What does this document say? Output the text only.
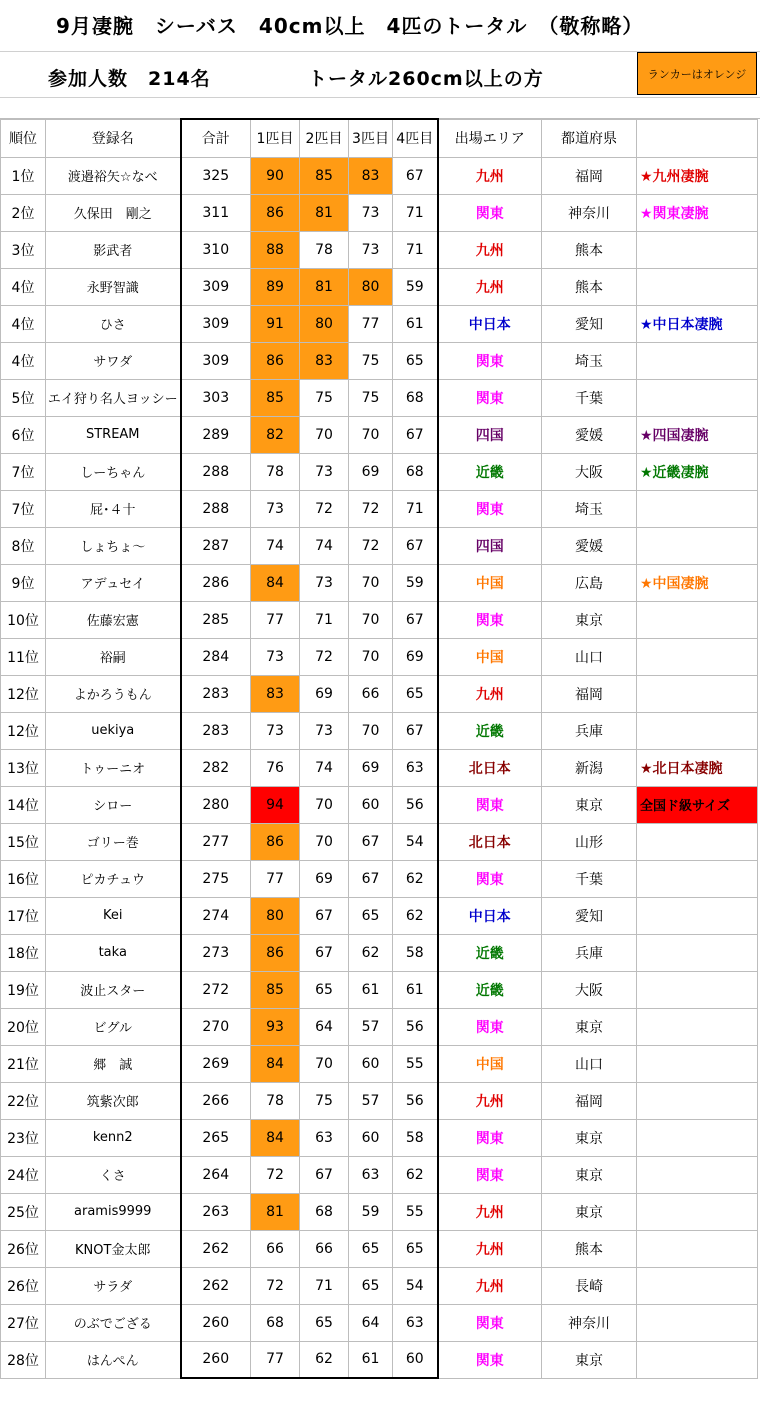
9月凄腕　シーバス　40cm以上　4匹のトータル　（敬称略）
参加人数　214名	トータル260cm以上の方	ランカーはオレンジ
順位	登録名	合計	1匹目	2匹目	3匹目	4匹目	出場エリア	都道府県	
1位	渡邉裕矢☆なべ	325	90	85	83	67	九州	福岡	★九州凄腕
2位	久保田　剛之	311	86	81	73	71	関東	神奈川	★関東凄腕
3位	影武者	310	88	78	73	71	九州	熊本	
4位	永野智識	309	89	81	80	59	九州	熊本	
4位	ひさ	309	91	80	77	61	中日本	愛知	★中日本凄腕
4位	サワダ	309	86	83	75	65	関東	埼玉	
5位	エイ狩り名人ヨッシー	303	85	75	75	68	関東	千葉	
6位	STREAM	289	82	70	70	67	四国	愛媛	★四国凄腕
7位	しーちゃん	288	78	73	69	68	近畿	大阪	★近畿凄腕
7位	屁･４十	288	73	72	72	71	関東	埼玉	
8位	しょちょ～	287	74	74	72	67	四国	愛媛	
9位	アデュセイ	286	84	73	70	59	中国	広島	★中国凄腕
10位	佐藤宏憲	285	77	71	70	67	関東	東京	
11位	裕嗣	284	73	72	70	69	中国	山口	
12位	よかろうもん	283	83	69	66	65	九州	福岡	
12位	uekiya	283	73	73	70	67	近畿	兵庫	
13位	トゥーニオ	282	76	74	69	63	北日本	新潟	★北日本凄腕
14位	シロー	280	94	70	60	56	関東	東京	全国ド級サイズ
15位	ゴリー巻	277	86	70	67	54	北日本	山形	
16位	ピカチュウ	275	77	69	67	62	関東	千葉	
17位	Kei	274	80	67	65	62	中日本	愛知	
18位	taka	273	86	67	62	58	近畿	兵庫	
19位	波止スター	272	85	65	61	61	近畿	大阪	
20位	ビグル	270	93	64	57	56	関東	東京	
21位	郷　誠	269	84	70	60	55	中国	山口	
22位	筑紫次郎	266	78	75	57	56	九州	福岡	
23位	kenn2	265	84	63	60	58	関東	東京	
24位	くさ	264	72	67	63	62	関東	東京	
25位	aramis9999	263	81	68	59	55	九州	東京	
26位	KNOT金太郎	262	66	66	65	65	九州	熊本	
26位	サラダ	262	72	71	65	54	九州	長崎	
27位	のぶでござる	260	68	65	64	63	関東	神奈川	
28位	はんぺん	260	77	62	61	60	関東	東京	
